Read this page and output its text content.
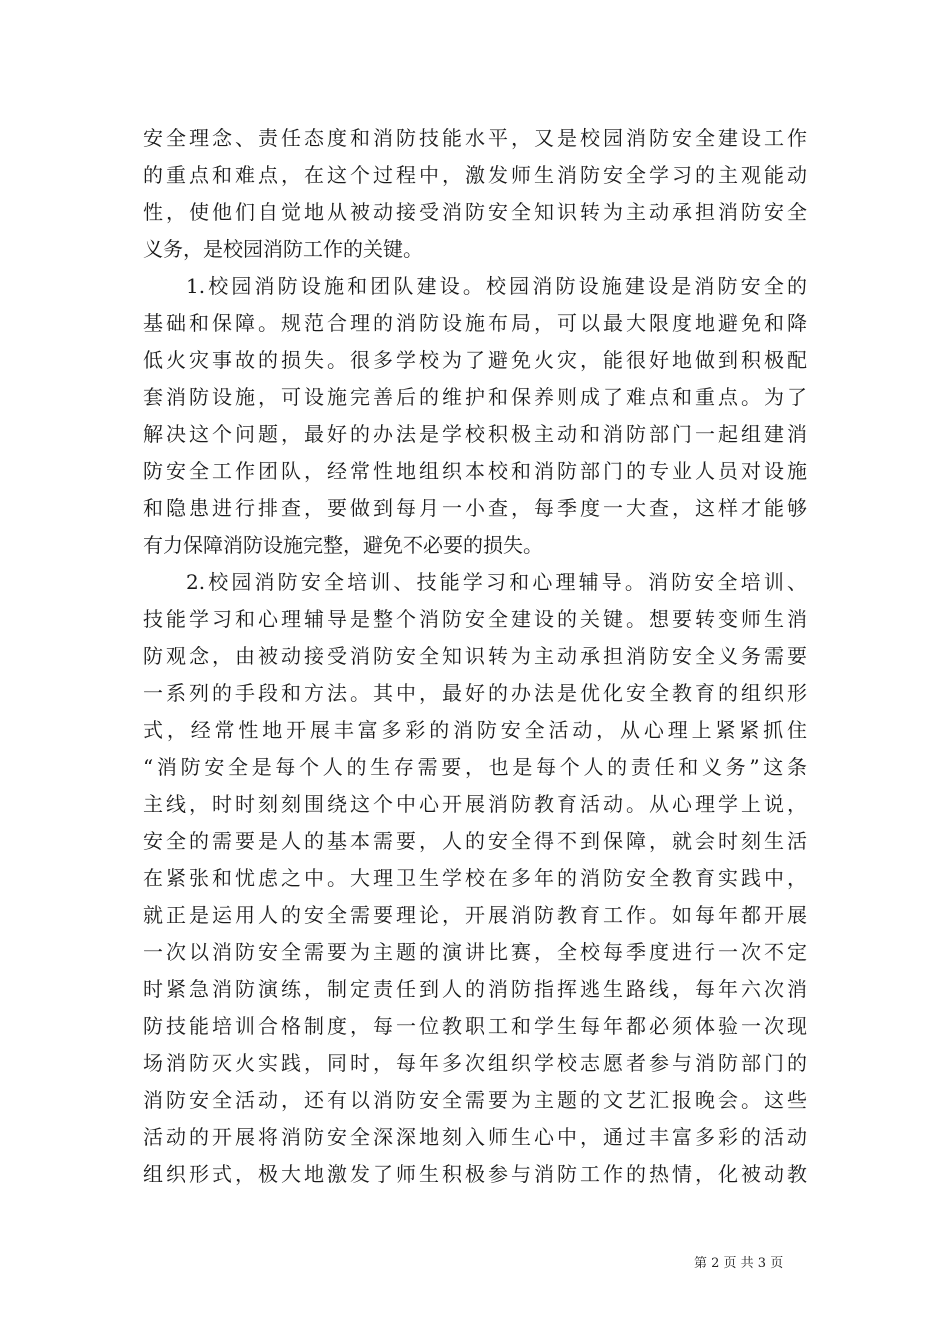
安全理念、责任态度和消防技能水平，又是校园消防安全建设工作
的重点和难点，在这个过程中，激发师生消防安全学习的主观能动
性，使他们自觉地从被动接受消防安全知识转为主动承担消防安全
义务，是校园消防工作的关键。
1.校园消防设施和团队建设。校园消防设施建设是消防安全的
基础和保障。规范合理的消防设施布局，可以最大限度地避免和降
低火灾事故的损失。很多学校为了避免火灾，能很好地做到积极配
套消防设施，可设施完善后的维护和保养则成了难点和重点。为了
解决这个问题，最好的办法是学校积极主动和消防部门一起组建消
防安全工作团队，经常性地组织本校和消防部门的专业人员对设施
和隐患进行排查，要做到每月一小查，每季度一大查，这样才能够
有力保障消防设施完整，避免不必要的损失。
2.校园消防安全培训、技能学习和心理辅导。消防安全培训、
技能学习和心理辅导是整个消防安全建设的关键。想要转变师生消
防观念，由被动接受消防安全知识转为主动承担消防安全义务需要
一系列的手段和方法。其中，最好的办法是优化安全教育的组织形
式，经常性地开展丰富多彩的消防安全活动，从心理上紧紧抓住
“消防安全是每个人的生存需要，也是每个人的责任和义务”这条
主线，时时刻刻围绕这个中心开展消防教育活动。从心理学上说，
安全的需要是人的基本需要，人的安全得不到保障，就会时刻生活
在紧张和忧虑之中。大理卫生学校在多年的消防安全教育实践中，
就正是运用人的安全需要理论，开展消防教育工作。如每年都开展
一次以消防安全需要为主题的演讲比赛，全校每季度进行一次不定
时紧急消防演练，制定责任到人的消防指挥逃生路线，每年六次消
防技能培训合格制度，每一位教职工和学生每年都必须体验一次现
场消防灭火实践，同时，每年多次组织学校志愿者参与消防部门的
消防安全活动，还有以消防安全需要为主题的文艺汇报晚会。这些
活动的开展将消防安全深深地刻入师生心中，通过丰富多彩的活动
组织形式，极大地激发了师生积极参与消防工作的热情，化被动教
第 2 页 共 3 页
